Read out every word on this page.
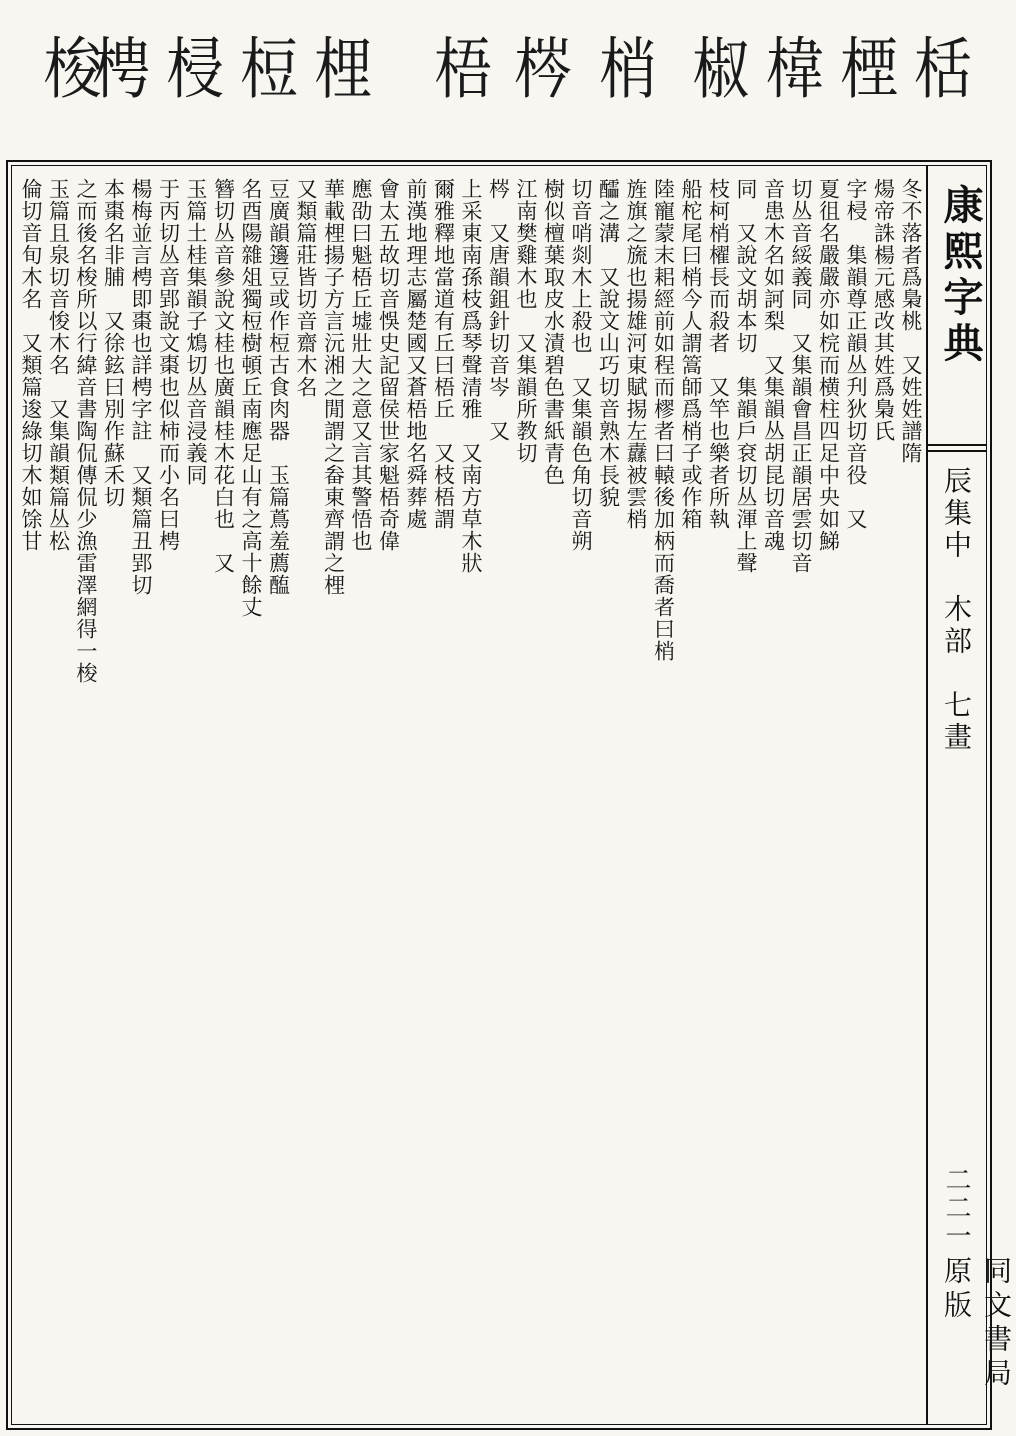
栝
㮒
椲
椒
梢
梣
梧
梩
梪
梫
梬
梭
康熙字典
辰集中　木部　七畫
二二一
同文書局原版
冬不落者爲梟桃　又姓姓譜隋
煬帝誅楊元感改其姓爲梟氏
字梫　集韻尊正韻丛刋狄切音役　又
夏徂名嚴嚴亦如梡而横柱四足中央如鮷
切丛音綏義同　又集韻會昌正韻居雲切音
音患木名如訶梨　又集韻丛胡昆切音魂
同　又說文胡本切　集韻戶袞切丛渾上聲
枝柯梢櫂長而殺者　又竿也樂者所執
船柁尾曰梢今人謂篙師爲梢子或作箱
陸寵蒙末耜經前如程而樛者曰轅後加柄而喬者曰梢
旌旗之旒也揚雄河東賦掦左纛被雲梢
醽之溝　又說文山巧切音熟木長貌
切音哨剡木上殺也　又集韻色角切音朔
樹似檀葉取皮水漬碧色書紙青色
江南樊雞木也　又集韻所教切
梣　又唐韻鉏針切音岑　又
上采東南孫枝爲琴聲清雅　又南方草木狀
爾雅釋地當道有丘曰梧丘　又枝梧謂
前漢地理志屬楚國又蒼梧地名舜葬處
會太五故切音悞史記留侯世家魁梧奇偉
應劭曰魁梧丘墟壯大之意又言其警悟也
華載梩揚子方言沅湘之閒謂之畚東齊謂之梩
又類篇莊皆切音齋木名
豆廣韻籩豆或作梪古食肉器　玉篇蔦羞薦醢
名酉陽雜俎獨梪樹頓丘南應足山有之高十餘丈
簪切丛音參說文桂也廣韻桂木花白也　又
玉篇土桂集韻子鴆切丛音浸義同
于丙切丛音郢說文棗也似柿而小名曰梬
楊梅並言梬即棗也詳梬字註　又類篇丑郢切
本棗名非脯　又徐鉉曰別作蘇禾切
之而後名梭所以行緯音書陶侃傳侃少漁雷澤網得一梭
玉篇且泉切音悛木名　又集韻類篇丛松
倫切音旬木名　又類篇逡綠切木如馀甘
